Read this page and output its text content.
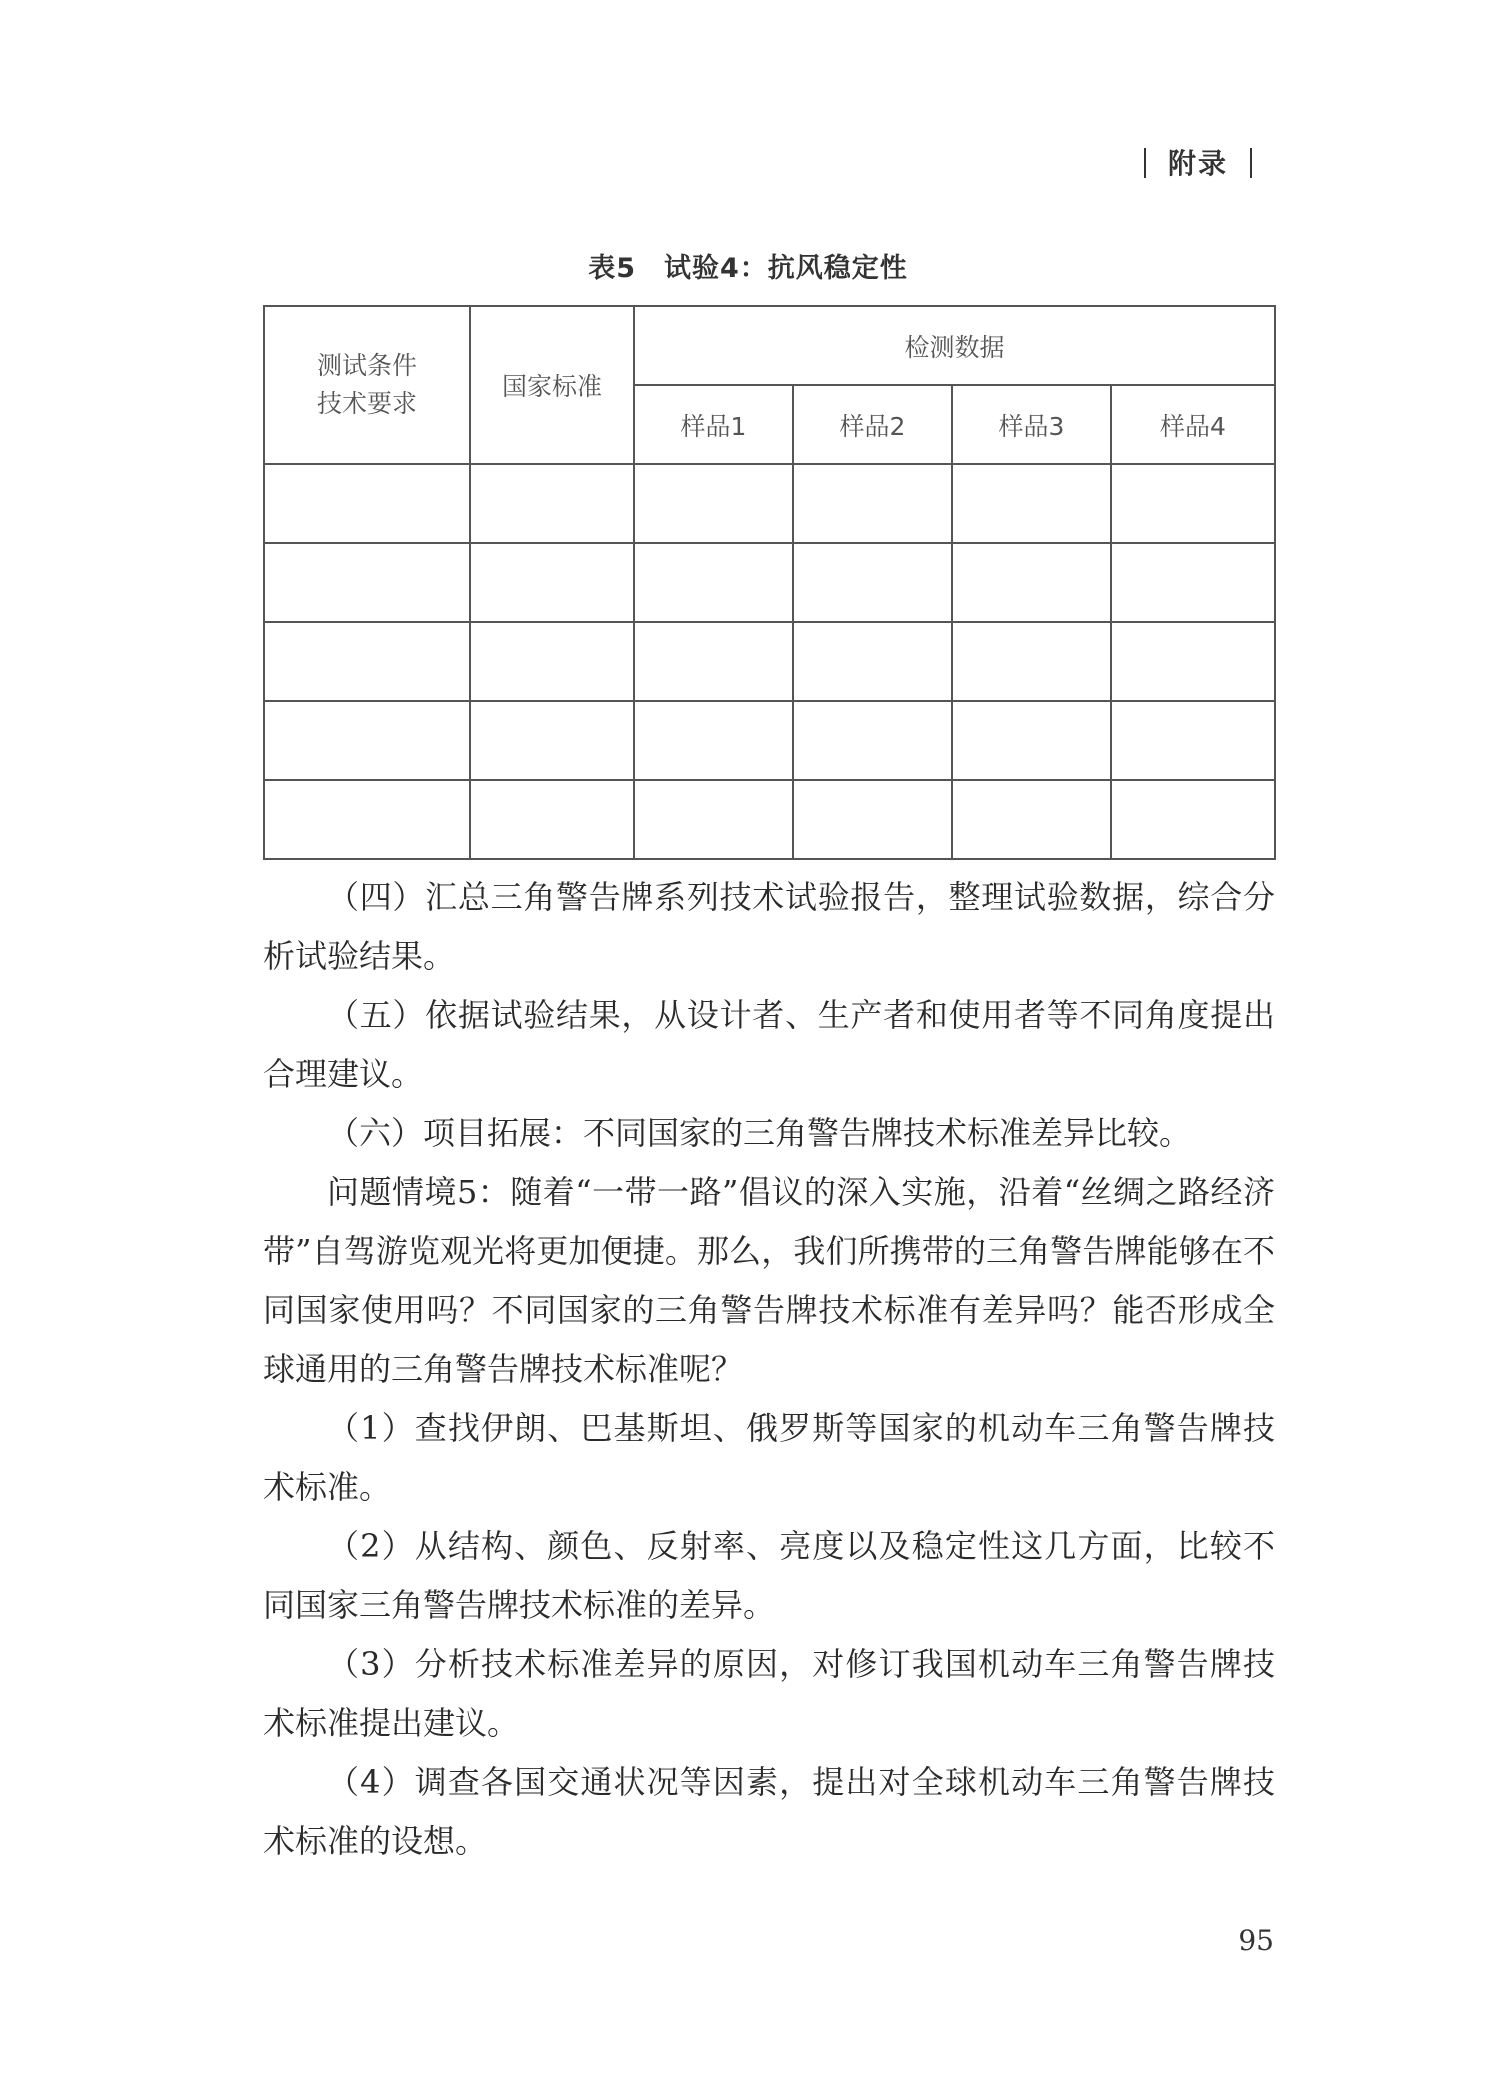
附录
表5　试验4：抗风稳定性
测试条件
技术要求	国家标准	检测数据			
		样品1	样品2	样品3	样品4

（四）汇总三角警告牌系列技术试验报告，整理试验数据，综合分析试验结果。

（五）依据试验结果，从设计者、生产者和使用者等不同角度提出合理建议。

（六）项目拓展：不同国家的三角警告牌技术标准差异比较。

问题情境5：随着“一带一路”倡议的深入实施，沿着“丝绸之路经济带”自驾游览观光将更加便捷。那么，我们所携带的三角警告牌能够在不同国家使用吗？不同国家的三角警告牌技术标准有差异吗？能否形成全球通用的三角警告牌技术标准呢？

（1）查找伊朗、巴基斯坦、俄罗斯等国家的机动车三角警告牌技术标准。

（2）从结构、颜色、反射率、亮度以及稳定性这几方面，比较不同国家三角警告牌技术标准的差异。

（3）分析技术标准差异的原因，对修订我国机动车三角警告牌技术标准提出建议。

（4）调查各国交通状况等因素，提出对全球机动车三角警告牌技术标准的设想。

95
